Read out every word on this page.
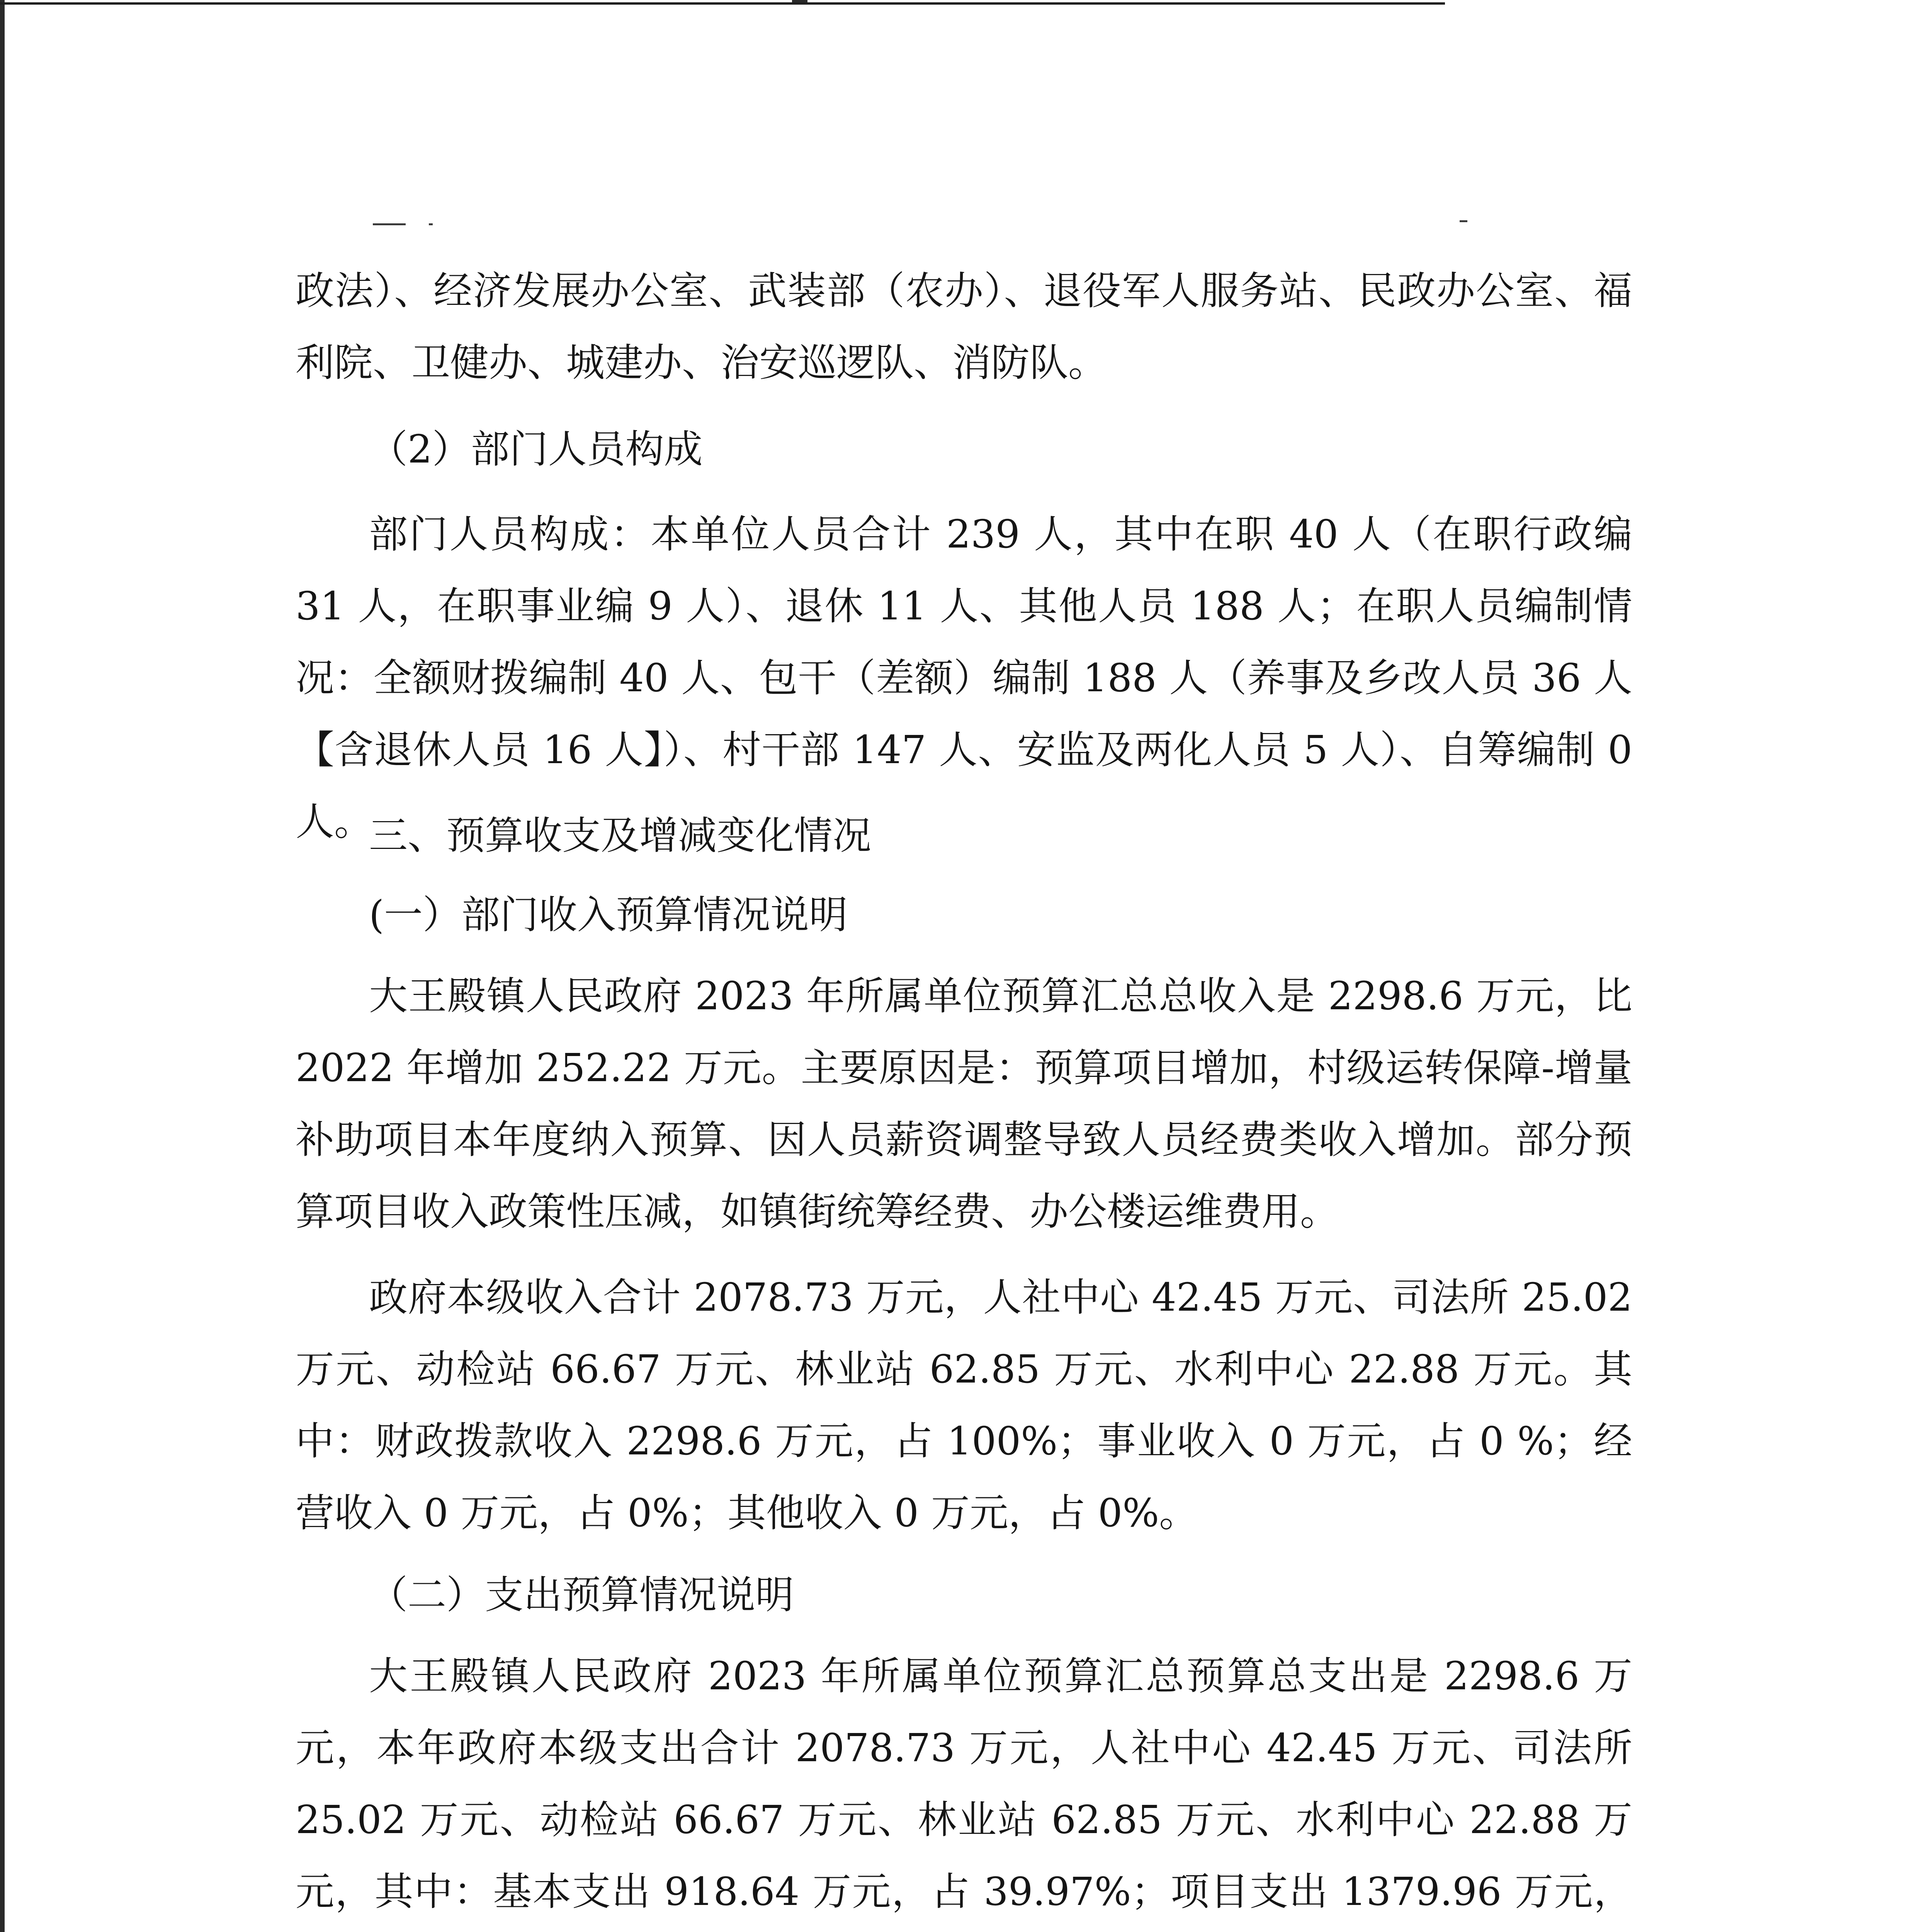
政法）、经济发展办公室、武装部（农办）、退役军人服务站、民政办公室、福利院、卫健办、城建办、治安巡逻队、消防队。

（2）部门人员构成

部门人员构成：本单位人员合计 239 人，其中在职 40 人（在职行政编 31 人，在职事业编 9 人）、退休 11 人、其他人员 188 人；在职人员编制情况：全额财拨编制 40 人、包干（差额）编制 188 人（养事及乡改人员 36 人【含退休人员 16 人】）、村干部 147 人、安监及两化人员 5 人）、自筹编制 0 人。

三、预算收支及增减变化情况

(一）部门收入预算情况说明

大王殿镇人民政府 2023 年所属单位预算汇总总收入是 2298.6 万元，比 2022 年增加 252.22 万元。主要原因是：预算项目增加，村级运转保障-增量补助项目本年度纳入预算、因人员薪资调整导致人员经费类收入增加。部分预算项目收入政策性压减，如镇街统筹经费、办公楼运维费用。

政府本级收入合计 2078.73 万元，人社中心 42.45 万元、司法所 25.02 万元、动检站 66.67 万元、林业站 62.85 万元、水利中心 22.88 万元。其中：财政拨款收入 2298.6 万元，占 100%；事业收入 0 万元，占 0 %；经营收入 0 万元，占 0%；其他收入 0 万元，占 0%。

（二）支出预算情况说明

大王殿镇人民政府 2023 年所属单位预算汇总预算总支出是 2298.6 万元，本年政府本级支出合计 2078.73 万元，人社中心 42.45 万元、司法所 25.02 万元、动检站 66.67 万元、林业站 62.85 万元、水利中心 22.88 万元，其中：基本支出 918.64 万元，占 39.97%；项目支出 1379.96 万元，
